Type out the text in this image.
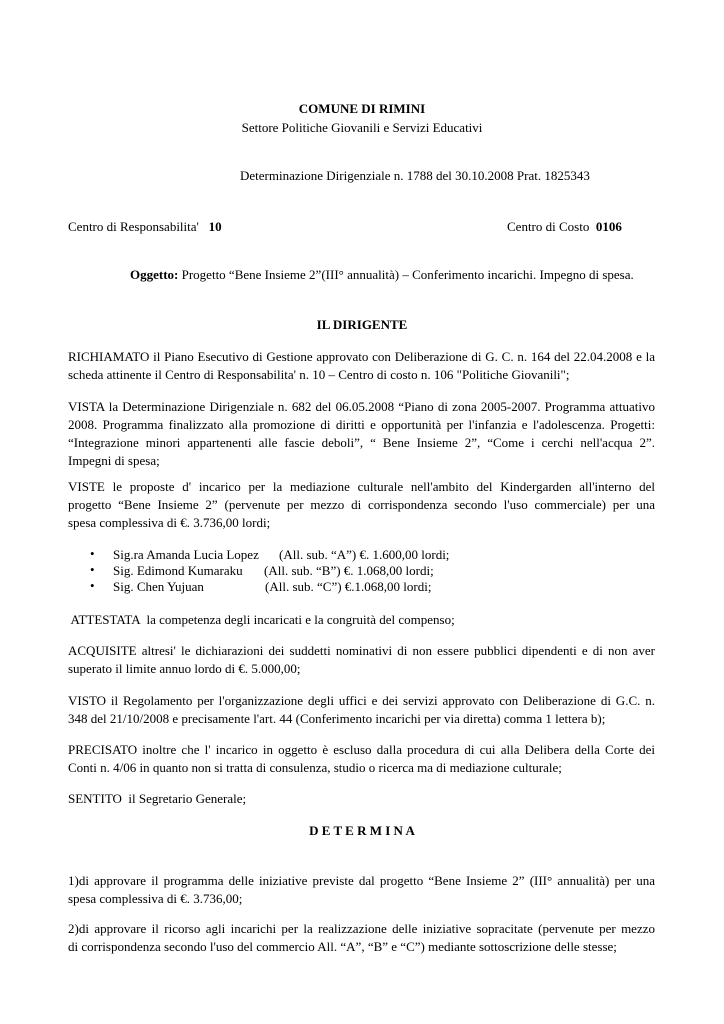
COMUNE DI RIMINI
Settore Politiche Giovanili e Servizi Educativi
Determinazione Dirigenziale n. 1788 del 30.10.2008 Prat. 1825343
Centro di Responsabilita' 10	Centro di Costo 0106
Oggetto: Progetto “Bene Insieme 2”(III° annualità) – Conferimento incarichi. Impegno di spesa.
IL DIRIGENTE
RICHIAMATO il Piano Esecutivo di Gestione approvato con Deliberazione di G. C. n. 164 del 22.04.2008 e la
scheda attinente il Centro di Responsabilita' n. 10 – Centro di costo n. 106 "Politiche Giovanili";
VISTA la Determinazione Dirigenziale n. 682 del 06.05.2008 “Piano di zona 2005-2007. Programma attuativo
2008. Programma finalizzato alla promozione di diritti e opportunità per l'infanzia e l'adolescenza. Progetti:
“Integrazione minori appartenenti alle fascie deboli”, “ Bene Insieme 2”, “Come i cerchi nell'acqua 2”.
Impegni di spesa;
VISTE le proposte d' incarico per la mediazione culturale nell'ambito del Kindergarden all'interno del
progetto “Bene Insieme 2” (pervenute per mezzo di corrispondenza secondo l'uso commerciale) per una
spesa complessiva di €. 3.736,00 lordi;
• Sig.ra Amanda Lucia Lopez (All. sub. “A”) €. 1.600,00 lordi;
• Sig. Edimond Kumaraku (All. sub. “B”) €. 1.068,00 lordi;
• Sig. Chen Yujuan	(All. sub. “C”) €.1.068,00 lordi;
ATTESTATA  la competenza degli incaricati e la congruità del compenso;
ACQUISITE altresi' le dichiarazioni dei suddetti nominativi di non essere pubblici dipendenti e di non aver
superato il limite annuo lordo di €. 5.000,00;
VISTO il Regolamento per l'organizzazione degli uffici e dei servizi approvato con Deliberazione di G.C. n.
348 del 21/10/2008 e precisamente l'art. 44 (Conferimento incarichi per via diretta) comma 1 lettera b);
PRECISATO inoltre che l' incarico in oggetto è escluso dalla procedura di cui alla Delibera della Corte dei
Conti n. 4/06 in quanto non si tratta di consulenza, studio o ricerca ma di mediazione culturale;
SENTITO  il Segretario Generale;
D E T E R M I N A
1)di approvare il programma delle iniziative previste dal progetto “Bene Insieme 2” (III° annualità) per una
spesa complessiva di €. 3.736,00;
2)di approvare il ricorso agli incarichi per la realizzazione delle iniziative sopracitate (pervenute per mezzo
di corrispondenza secondo l'uso del commercio All. “A”, “B” e “C”) mediante sottoscrizione delle stesse;
